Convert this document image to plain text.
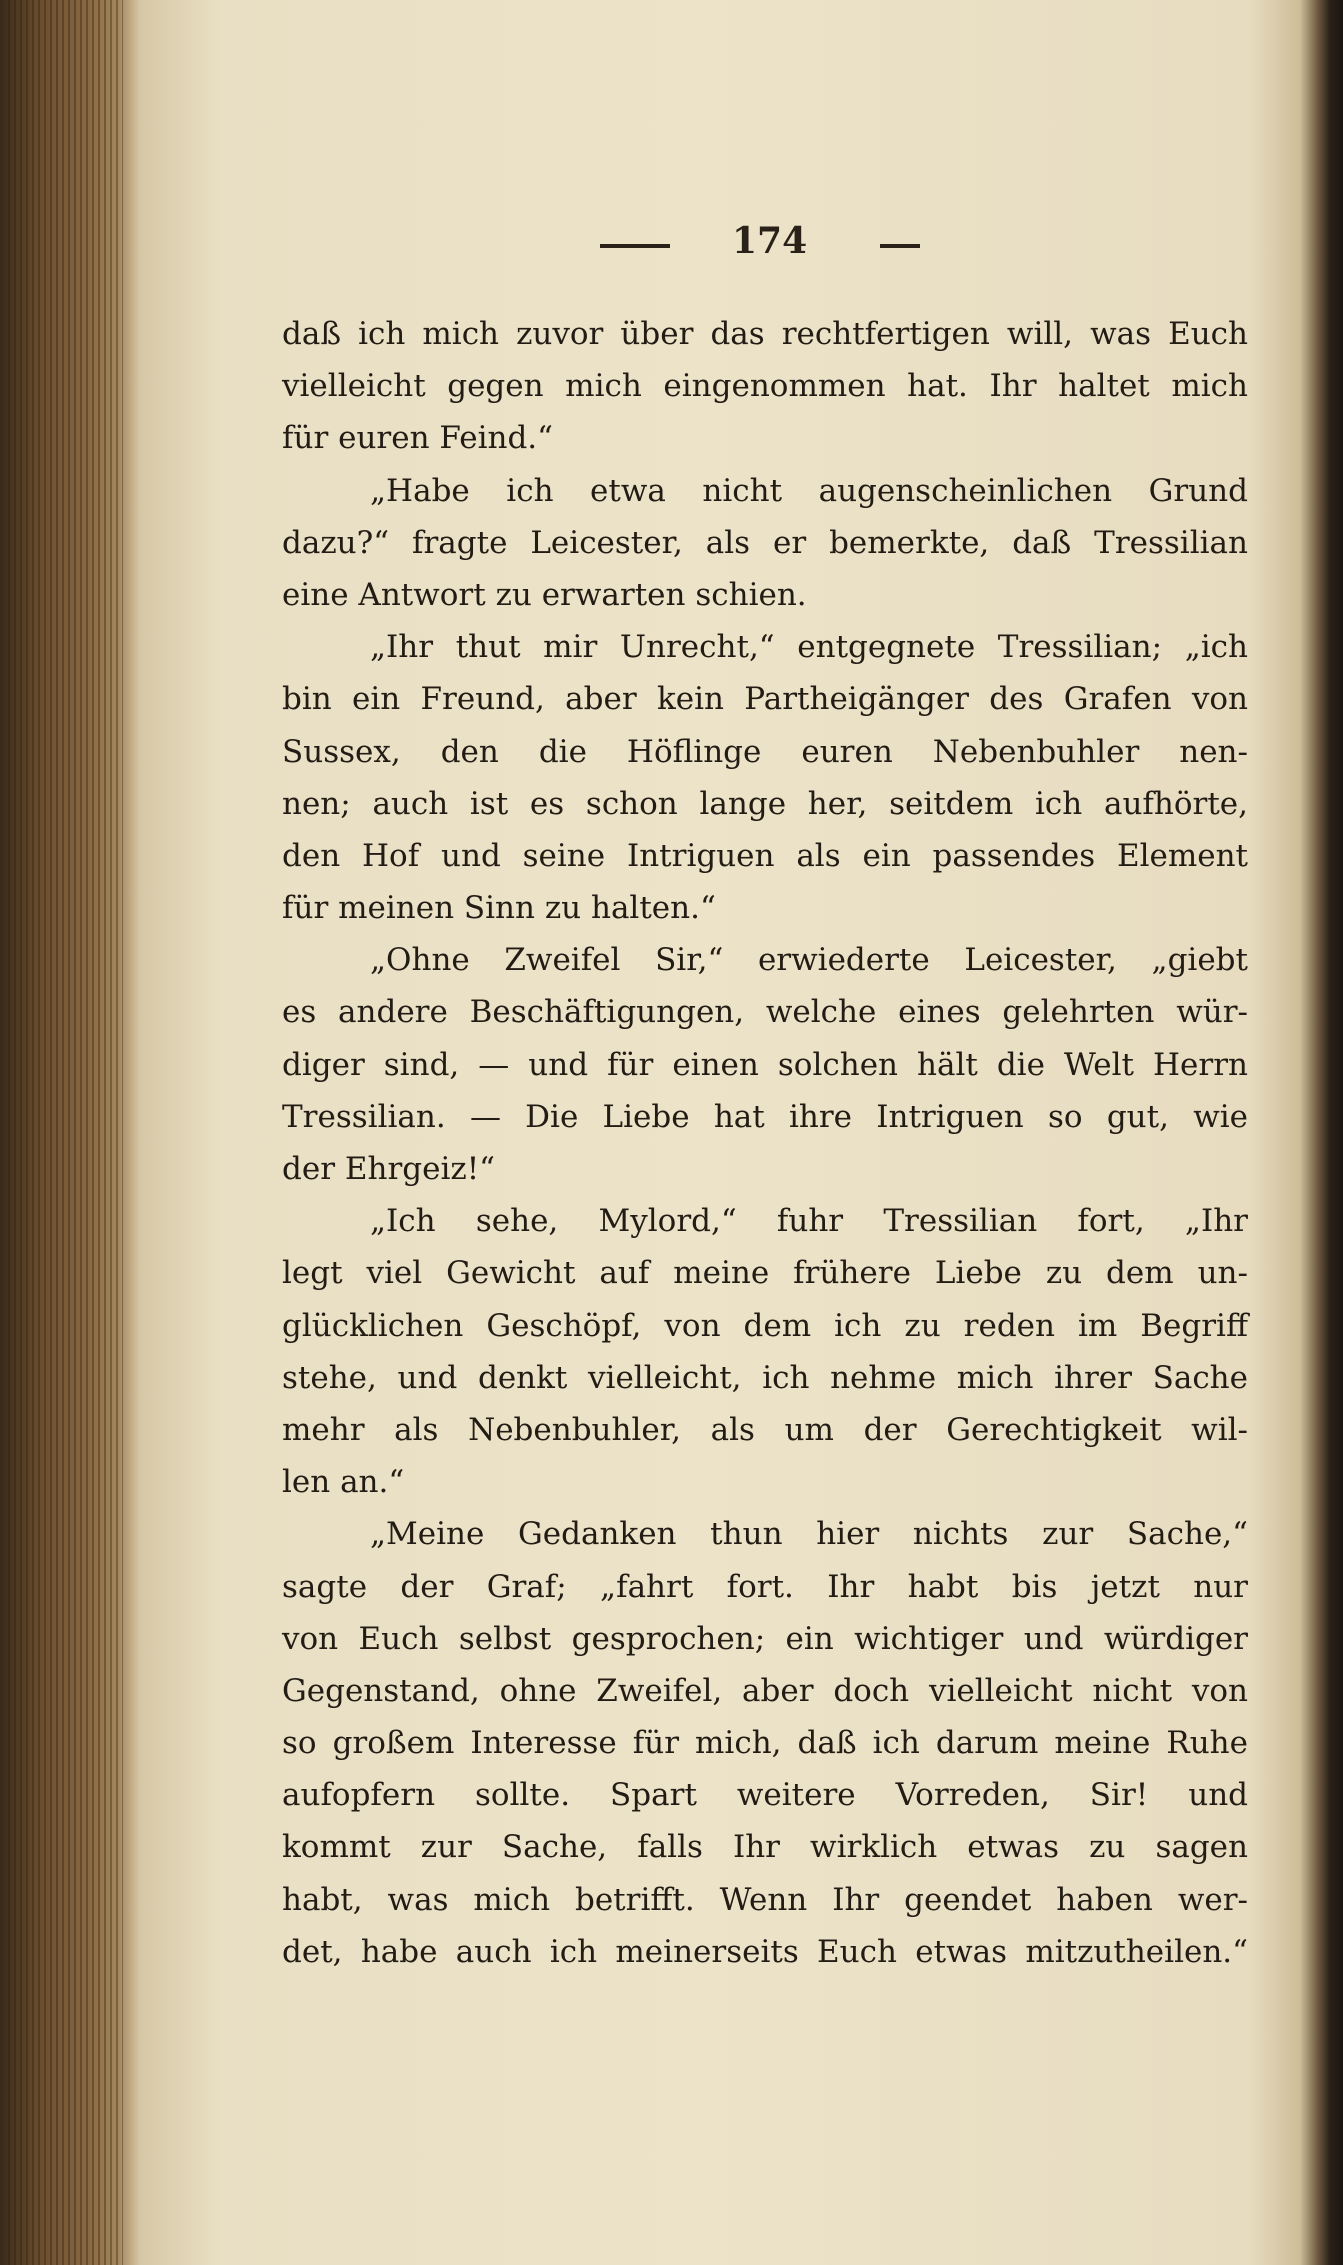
174
daß ich mich zuvor über das rechtfertigen will, was Euch
vielleicht gegen mich eingenommen hat. Ihr haltet mich
für euren Feind.“
„Habe ich etwa nicht augenscheinlichen Grund
dazu?“ fragte Leicester, als er bemerkte, daß Tressilian
eine Antwort zu erwarten schien.
„Ihr thut mir Unrecht,“ entgegnete Tressilian; „ich
bin ein Freund, aber kein Partheigänger des Grafen von
Sussex, den die Höflinge euren Nebenbuhler nen-
nen; auch ist es schon lange her, seitdem ich aufhörte,
den Hof und seine Intriguen als ein passendes Element
für meinen Sinn zu halten.“
„Ohne Zweifel Sir,“ erwiederte Leicester, „giebt
es andere Beschäftigungen, welche eines gelehrten wür-
diger sind, — und für einen solchen hält die Welt Herrn
Tressilian. — Die Liebe hat ihre Intriguen so gut, wie
der Ehrgeiz!“
„Ich sehe, Mylord,“ fuhr Tressilian fort, „Ihr
legt viel Gewicht auf meine frühere Liebe zu dem un-
glücklichen Geschöpf, von dem ich zu reden im Begriff
stehe, und denkt vielleicht, ich nehme mich ihrer Sache
mehr als Nebenbuhler, als um der Gerechtigkeit wil-
len an.“
„Meine Gedanken thun hier nichts zur Sache,“
sagte der Graf; „fahrt fort. Ihr habt bis jetzt nur
von Euch selbst gesprochen; ein wichtiger und würdiger
Gegenstand, ohne Zweifel, aber doch vielleicht nicht von
so großem Interesse für mich, daß ich darum meine Ruhe
aufopfern sollte. Spart weitere Vorreden, Sir! und
kommt zur Sache, falls Ihr wirklich etwas zu sagen
habt, was mich betrifft. Wenn Ihr geendet haben wer-
det, habe auch ich meinerseits Euch etwas mitzutheilen.“
